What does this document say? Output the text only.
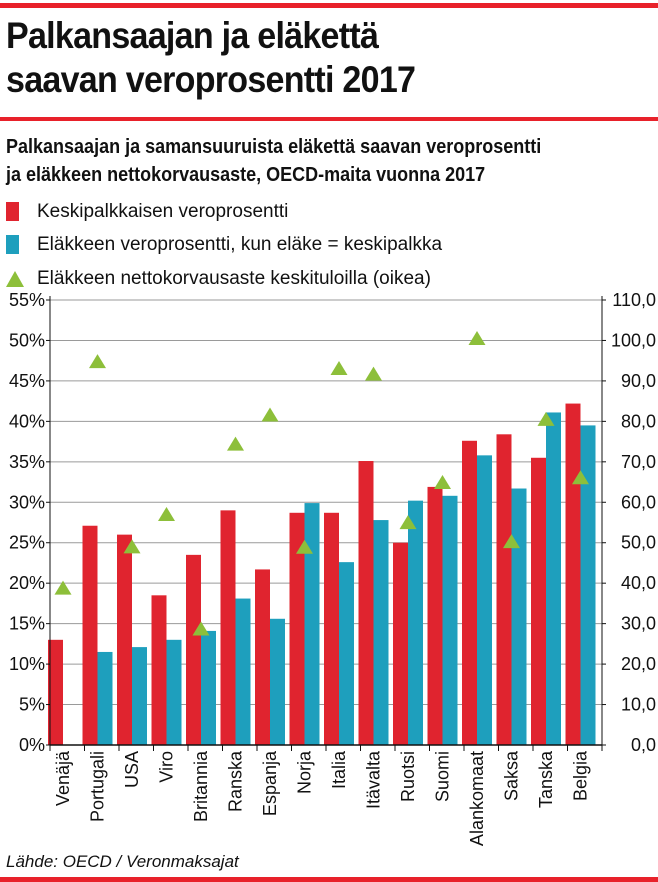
Palkansaajan ja eläkettä
saavan veroprosentti 2017
Palkansaajan ja samansuuruista eläkettä saavan veroprosentti
ja eläkkeen nettokorvausaste, OECD-maita vuonna 2017
Keskipalkkaisen veroprosentti
Eläkkeen veroprosentti, kun eläke = keskipalkka
Eläkkeen nettokorvausaste keskituloilla (oikea)
0%	0,0
5%	10,0
10%	20,0
15%	30,0
20%	40,0
25%	50,0
30%	60,0
35%	70,0
40%	80,0
45%	90,0
50%	100,0
55%	110,0
Venäjä Portugali USA Viro Britannia Ranska Espanja Norja Italia Itävalta Ruotsi Suomi Alankomaat Saksa Tanska Belgia
Lähde: OECD / Veronmaksajat
